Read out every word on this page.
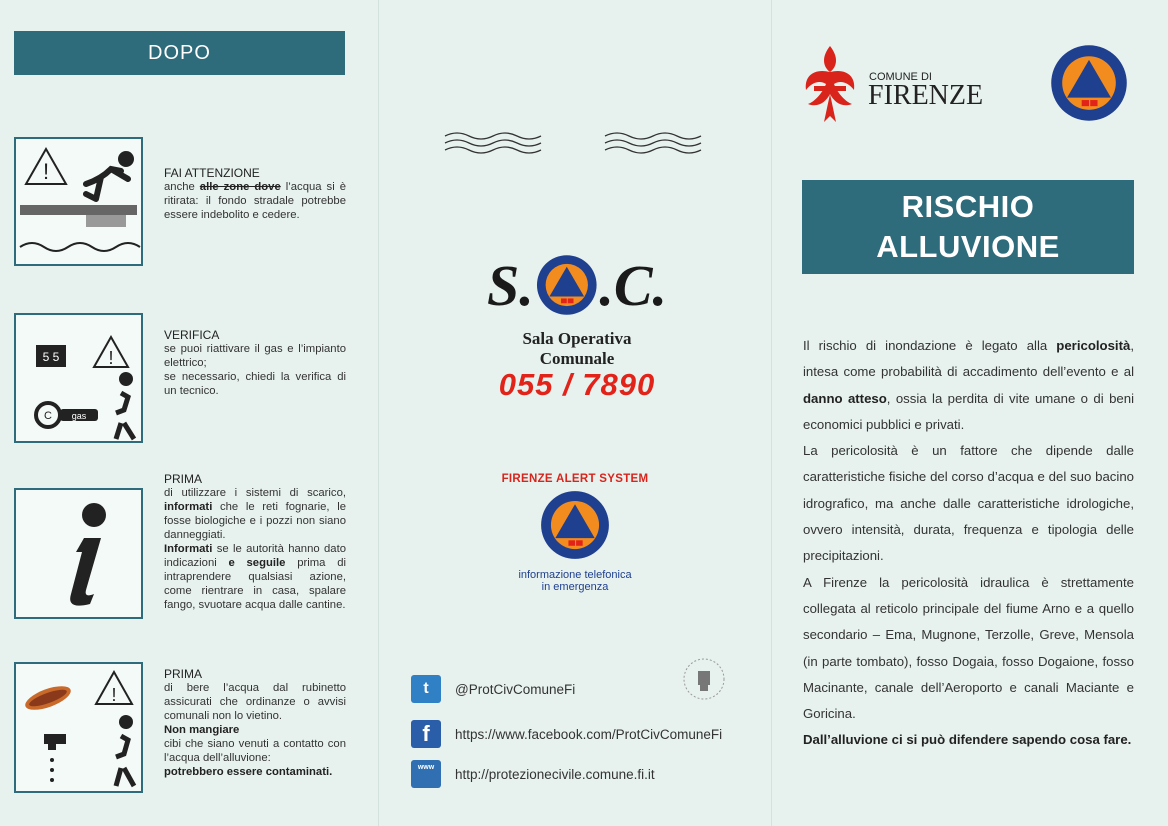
DOPO
!	FAI ATTENZIONE
anche alle zone dove l’acqua si è ritirata: il fondo stradale potrebbe essere indebolito e cedere.
5 5	!
C gas
VERIFICA
se puoi riattivare il gas e l’impianto elettrico;
se necessario, chiedi la verifica di un tecnico.
PRIMA
di utilizzare i sistemi di scarico, informati che le reti fognarie, le fosse biologiche e i pozzi non siano danneggiati.
Informati se le autorità hanno dato indicazioni e seguile prima di intraprendere qualsiasi azione, come rientrare in casa, spalare fango, svuotare acqua dalle cantine.
!
PRIMA
di bere l’acqua dal rubinetto assicurati che ordinanze o avvisi comunali non lo vietino.
Non mangiare
cibi che siano venuti a contatto con l’acqua dell’alluvione:
potrebbero essere contaminati.
S. .C.
Sala Operativa Comunale
055 / 7890
FIRENZE ALERT SYSTEM
informazione telefonica
in emergenza
t	@ProtCivComuneFi
f	https://www.facebook.com/ProtCivComuneFi
www	http://protezionecivile.comune.fi.it
COMUNE DI
FIRENZE
RISCHIO
ALLUVIONE

Il rischio di inondazione è legato alla pericolosità, intesa come probabilità di accadimento dell’evento e al danno atteso, ossia la perdita di vite umane o di beni economici pubblici e privati.

La pericolosità è un fattore che dipende dalle caratteristiche fisiche del corso d’acqua e del suo bacino idrografico, ma anche dalle caratteristiche idrologiche, ovvero intensità, durata, frequenza e tipologia delle precipitazioni.

A Firenze la pericolosità idraulica è strettamente collegata al reticolo principale del fiume Arno e a quello secondario – Ema, Mugnone, Terzolle, Greve, Mensola (in parte tombato), fosso Dogaia, fosso Dogaione, fosso Macinante, canale dell’Aeroporto e canali Maciante e Goricina.

Dall’alluvione ci si può difendere sapendo cosa fare.
